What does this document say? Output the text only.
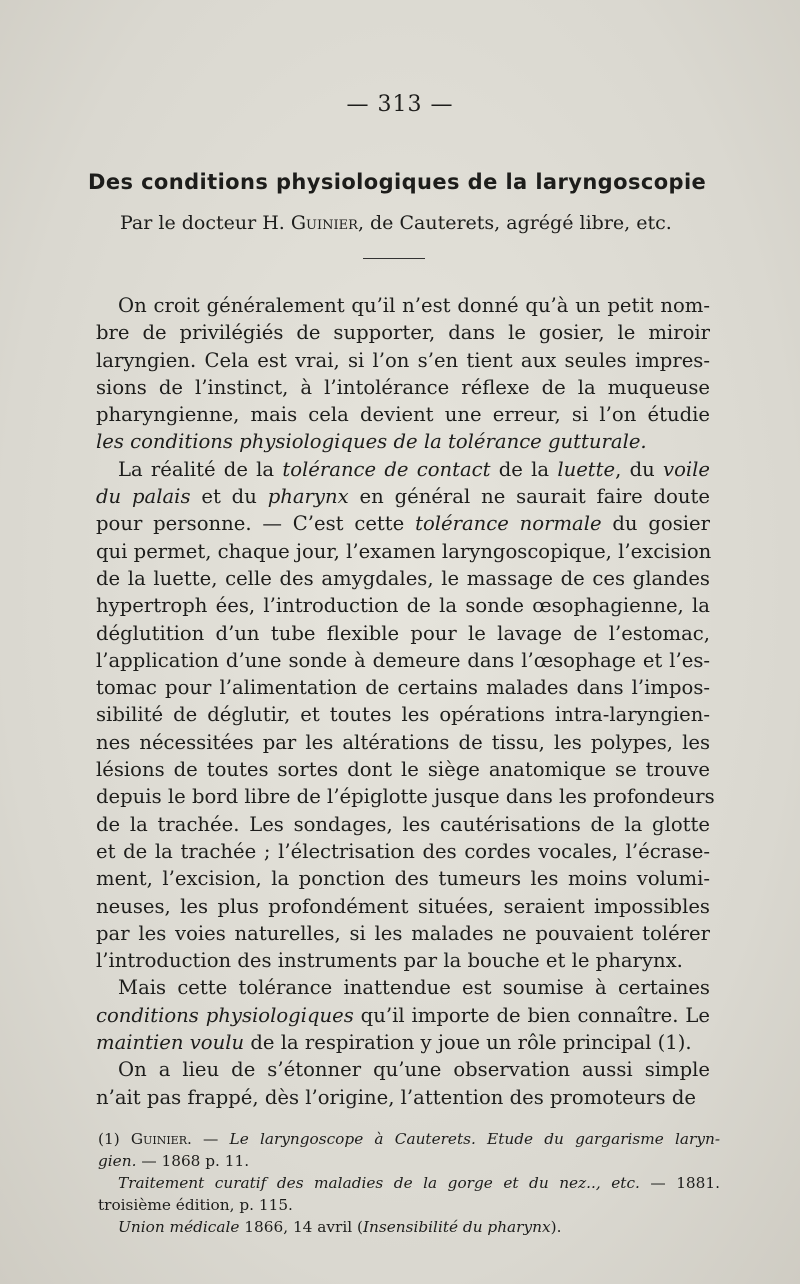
— 313 —
Des conditions physiologiques de la laryngoscopie
Par le docteur H. Guinier, de Cauterets, agrégé libre, etc.
On croit généralement qu’il n’est donné qu’à un petit nom-
bre de privilégiés de supporter, dans le gosier, le miroir
laryngien. Cela est vrai, si l’on s’en tient aux seules impres-
sions de l’instinct, à l’intolérance réflexe de la muqueuse
pharyngienne, mais cela devient une erreur, si l’on étudie
les conditions physiologiques de la tolérance gutturale.
La réalité de la tolérance de contact de la luette, du voile
du palais et du pharynx en général ne saurait faire doute
pour personne. — C’est cette tolérance normale du gosier
qui permet, chaque jour, l’examen laryngoscopique, l’excision
de la luette, celle des amygdales, le massage de ces glandes
hypertroph ées, l’introduction de la sonde œsophagienne, la
déglutition d’un tube flexible pour le lavage de l’estomac,
l’application d’une sonde à demeure dans l’œsophage et l’es-
tomac pour l’alimentation de certains malades dans l’impos-
sibilité de déglutir, et toutes les opérations intra-laryngien-
nes nécessitées par les altérations de tissu, les polypes, les
lésions de toutes sortes dont le siège anatomique se trouve
depuis le bord libre de l’épiglotte jusque dans les profondeurs
de la trachée. Les sondages, les cautérisations de la glotte
et de la trachée ; l’électrisation des cordes vocales, l’écrase-
ment, l’excision, la ponction des tumeurs les moins volumi-
neuses, les plus profondément situées, seraient impossibles
par les voies naturelles, si les malades ne pouvaient tolérer
l’introduction des instruments par la bouche et le pharynx.
Mais cette tolérance inattendue est soumise à certaines
conditions physiologiques qu’il importe de bien connaître. Le
maintien voulu de la respiration y joue un rôle principal (1).
On a lieu de s’étonner qu’une observation aussi simple
n’ait pas frappé, dès l’origine, l’attention des promoteurs de
(1) Guinier. — Le laryngoscope à Cauterets. Etude du gargarisme laryn-
gien. — 1868 p. 11.
Traitement curatif des maladies de la gorge et du nez.., etc. — 1881.
troisième édition, p. 115.
Union médicale 1866, 14 avril (Insensibilité du pharynx).
